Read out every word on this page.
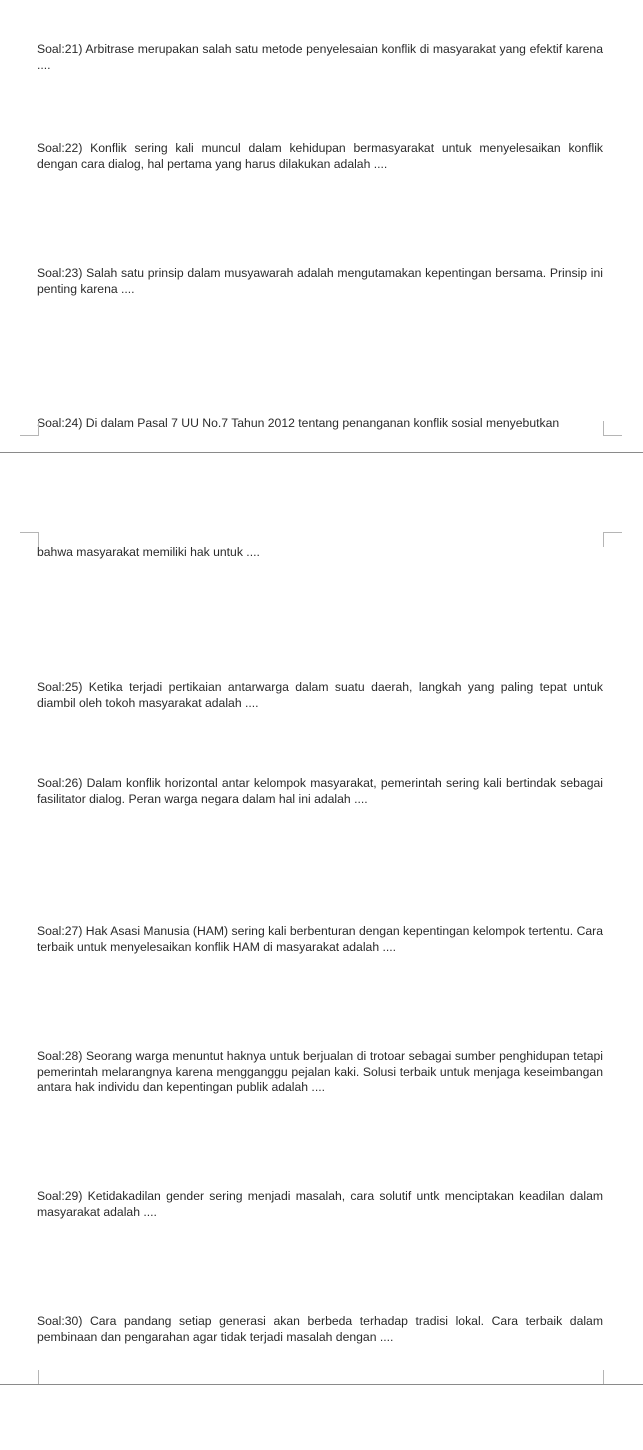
Soal:21) Arbitrase merupakan salah satu metode penyelesaian konflik di masyarakat yang efektif karena ....

Soal:22) Konflik sering kali muncul dalam kehidupan bermasyarakat untuk menyelesaikan konflik dengan cara dialog, hal pertama yang harus dilakukan adalah ....

Soal:23) Salah satu prinsip dalam musyawarah adalah mengutamakan kepentingan bersama. Prinsip ini penting karena ....

Soal:24) Di dalam Pasal 7 UU No.7 Tahun 2012 tentang penanganan konflik sosial menyebutkan

bahwa masyarakat memiliki hak untuk ....

Soal:25) Ketika terjadi pertikaian antarwarga dalam suatu daerah, langkah yang paling tepat untuk diambil oleh tokoh masyarakat adalah ....

Soal:26) Dalam konflik horizontal antar kelompok masyarakat, pemerintah sering kali bertindak sebagai fasilitator dialog. Peran warga negara dalam hal ini adalah ....

Soal:27) Hak Asasi Manusia (HAM) sering kali berbenturan dengan kepentingan kelompok tertentu. Cara terbaik untuk menyelesaikan konflik HAM di masyarakat adalah ....

Soal:28) Seorang warga menuntut haknya untuk berjualan di trotoar sebagai sumber penghidupan tetapi pemerintah melarangnya karena mengganggu pejalan kaki. Solusi terbaik untuk menjaga keseimbangan antara hak individu dan kepentingan publik adalah ....

Soal:29) Ketidakadilan gender sering menjadi masalah, cara solutif untk menciptakan keadilan dalam masyarakat adalah ....

Soal:30) Cara pandang setiap generasi akan berbeda terhadap tradisi lokal. Cara terbaik dalam pembinaan dan pengarahan agar tidak terjadi masalah dengan ....
